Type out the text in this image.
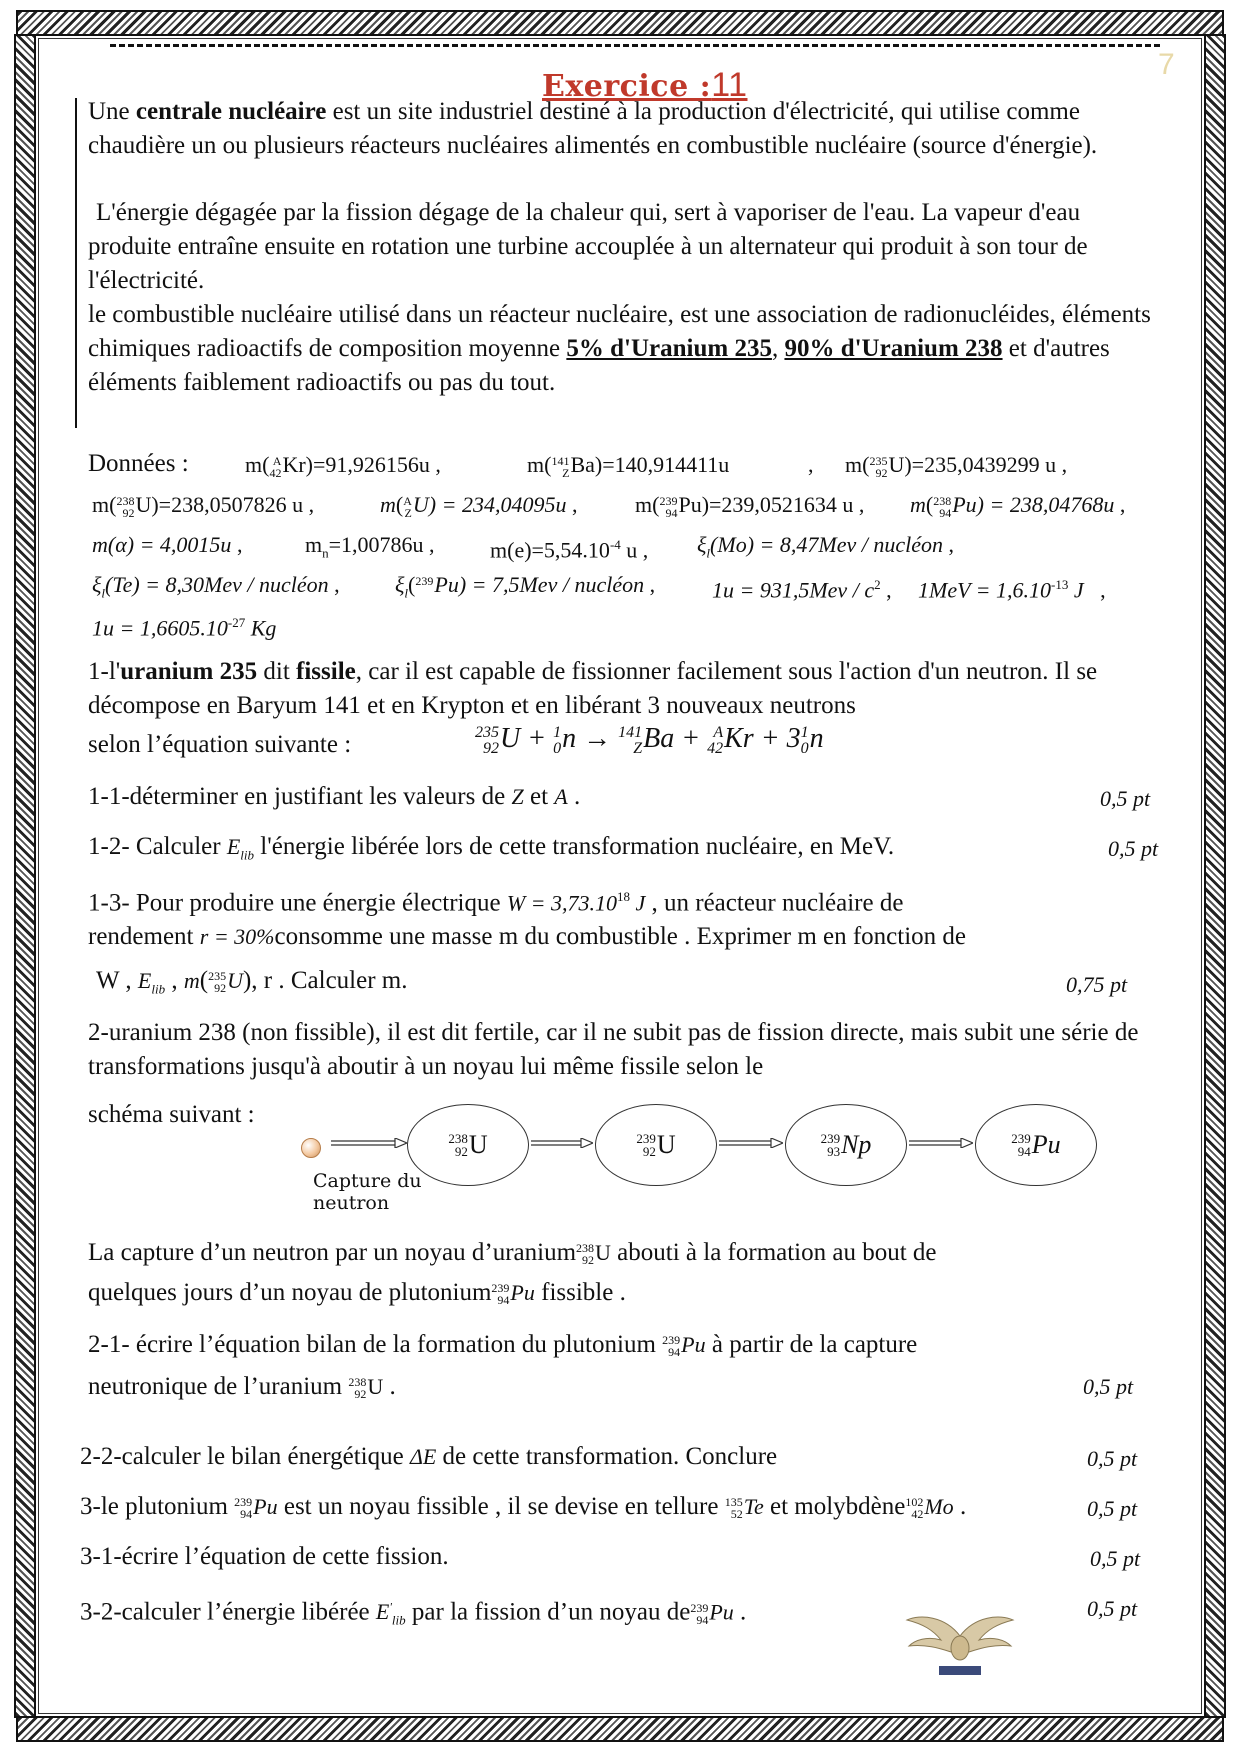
7
Exercice :11

Une centrale nucléaire est un site industriel destiné à la production d'électricité, qui utilise comme chaudière un ou plusieurs réacteurs nucléaires alimentés en combustible nucléaire (source d'énergie).

L'énergie dégagée par la fission dégage de la chaleur qui, sert à vaporiser de l'eau. La vapeur d'eau produite entraîne ensuite en rotation une turbine accouplée à un alternateur qui produit à son tour de l'électricité.

le combustible nucléaire utilisé dans un réacteur nucléaire, est une association de radionucléides, éléments chimiques radioactifs de composition moyenne 5% d'Uranium 235, 90% d'Uranium 238 et d'autres éléments faiblement radioactifs ou pas du tout.

Données :	m( A
42 Kr)=91,926156u ,	m( 141
Z Ba)=140,914411u	, m( 235
92 U)=235,0439299 u ,
m( 238
92 U)=238,0507826 u ,	m( A
Z U) = 234,04095u ,	m( 239
94 Pu)=239,0521634 u , m( 238
94 Pu) = 238,04768u ,
m(α) = 4,0015u ,	$m_n=1,00786u$ ,	$m(e)=5,54.10^{-4}$ u , $\xi_l(Mo) = 8,47Mev$ / nucléon ,
$\xi_l(Te) = 8,30Mev$ / nucléon ,	$\xi_l$( 239
Pu) = 7,5Mev / nucléon ,	$1u = 931,5Mev / c^2$ , $1MeV = 1,6.10^{-13}$ J   ,
$1u = 1,6605.10^{-27}$ Kg

1-l'uranium 235 dit fissile, car il est capable de fissionner facilement sous l'action d'un neutron. Il se décompose en Baryum 141 et en Krypton et en libérant 3 nouveaux neutrons

selon l’équation suivante :	235
92 U + 1
0 n → 141
Z Ba + A
42 Kr + 3 1
0 n
1-1-déterminer en justifiant les valeurs de Z et A .	0,5 pt
1-2- Calculer $E_{lib}$ l'énergie libérée lors de cette transformation nucléaire, en MeV.	0,5 pt
1-3- Pour produire une énergie électrique $W = 3,73.10^{18}$ J , un réacteur nucléaire de
rendement r = 30%consomme une masse m du combustible . Exprimer m en fonction de
W , $E_{lib}$ , m( 235
92 U), r . Calculer m.	0,75 pt

2-uranium 238 (non fissible), il est dit fertile, car il ne subit pas de fission directe, mais subit une série de transformations jusqu'à aboutir à un noyau lui même fissile selon le

schéma suivant :
238
92 U	239
92 U	239
93 Np	239
94 Pu
Capture du
neutron
La capture d’un neutron par un noyau d’uranium 238
92 U abouti à la formation au bout de
quelques jours d’un noyau de plutonium 239
94 Pu fissible .
2-1- écrire l’équation bilan de la formation du plutonium 239
94 Pu à partir de la capture
neutronique de l’uranium 238
92 U .	0,5 pt
2-2-calculer le bilan énergétique ΔE de cette transformation. Conclure	0,5 pt
3-le plutonium 239
94 Pu est un noyau fissible , il se devise en tellure 135
52 Te et molybdène 102
42 Mo .	0,5 pt
3-1-écrire l’équation de cette fission.	0,5 pt
3-2-calculer l’énergie libérée $E'_{lib}$ par la fission d’un noyau de 239
94 Pu .	0,5 pt
